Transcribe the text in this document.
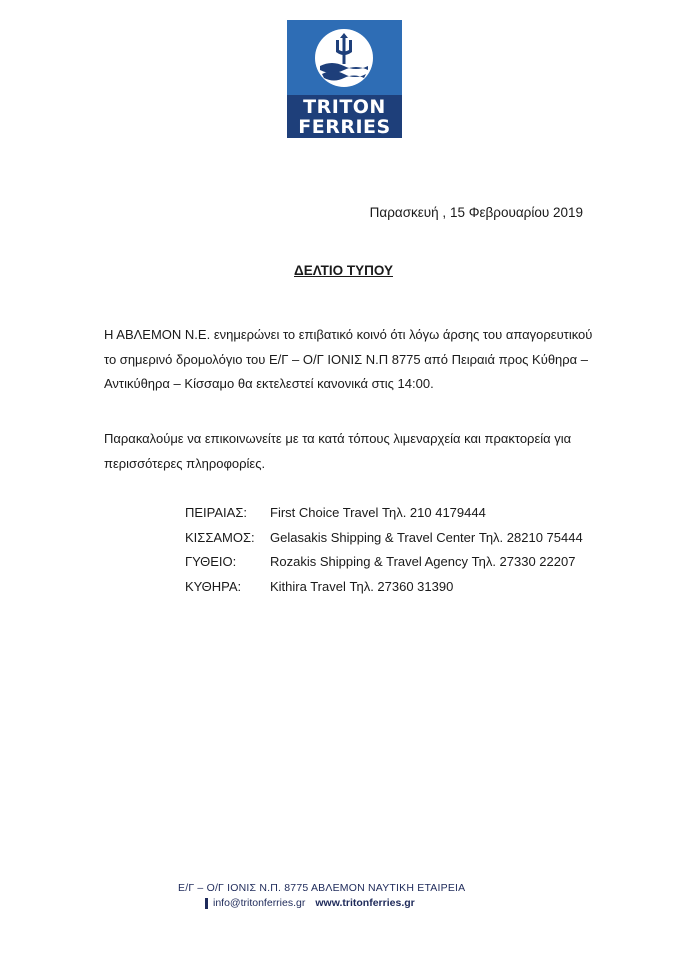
TRITON
FERRIES
Παρασκευή , 15 Φεβρουαρίου 2019
ΔΕΛΤΙΟ ΤΥΠΟΥ
Η ΑΒΛΕΜΟΝ Ν.Ε. ενημερώνει το επιβατικό κοινό ότι λόγω άρσης του απαγορευτικού
το σημερινό δρομολόγιο του Ε/Γ – Ο/Γ ΙΟΝΙΣ Ν.Π 8775 από Πειραιά προς Κύθηρα –
Αντικύθηρα – Κίσσαμο θα εκτελεστεί κανονικά στις 14:00.
Παρακαλούμε να επικοινωνείτε με τα κατά τόπους λιμεναρχεία και πρακτορεία για
περισσότερες πληροφορίες.
ΠΕΙΡΑΙΑΣ:	First Choice Travel Τηλ. 210 4179444
ΚΙΣΣΑΜΟΣ:	Gelasakis Shipping & Travel Center Τηλ. 28210 75444
ΓΥΘΕΙΟ:	Rozakis Shipping & Travel Agency Τηλ. 27330 22207
ΚΥΘΗΡΑ:	Kithira Travel Τηλ. 27360 31390
Ε/Γ – Ο/Γ ΙΟΝΙΣ Ν.Π. 8775 ΑΒΛΕΜΟΝ ΝΑΥΤΙΚΗ ΕΤΑΙΡΕΙΑ
info@tritonferries.gr www.tritonferries.gr
